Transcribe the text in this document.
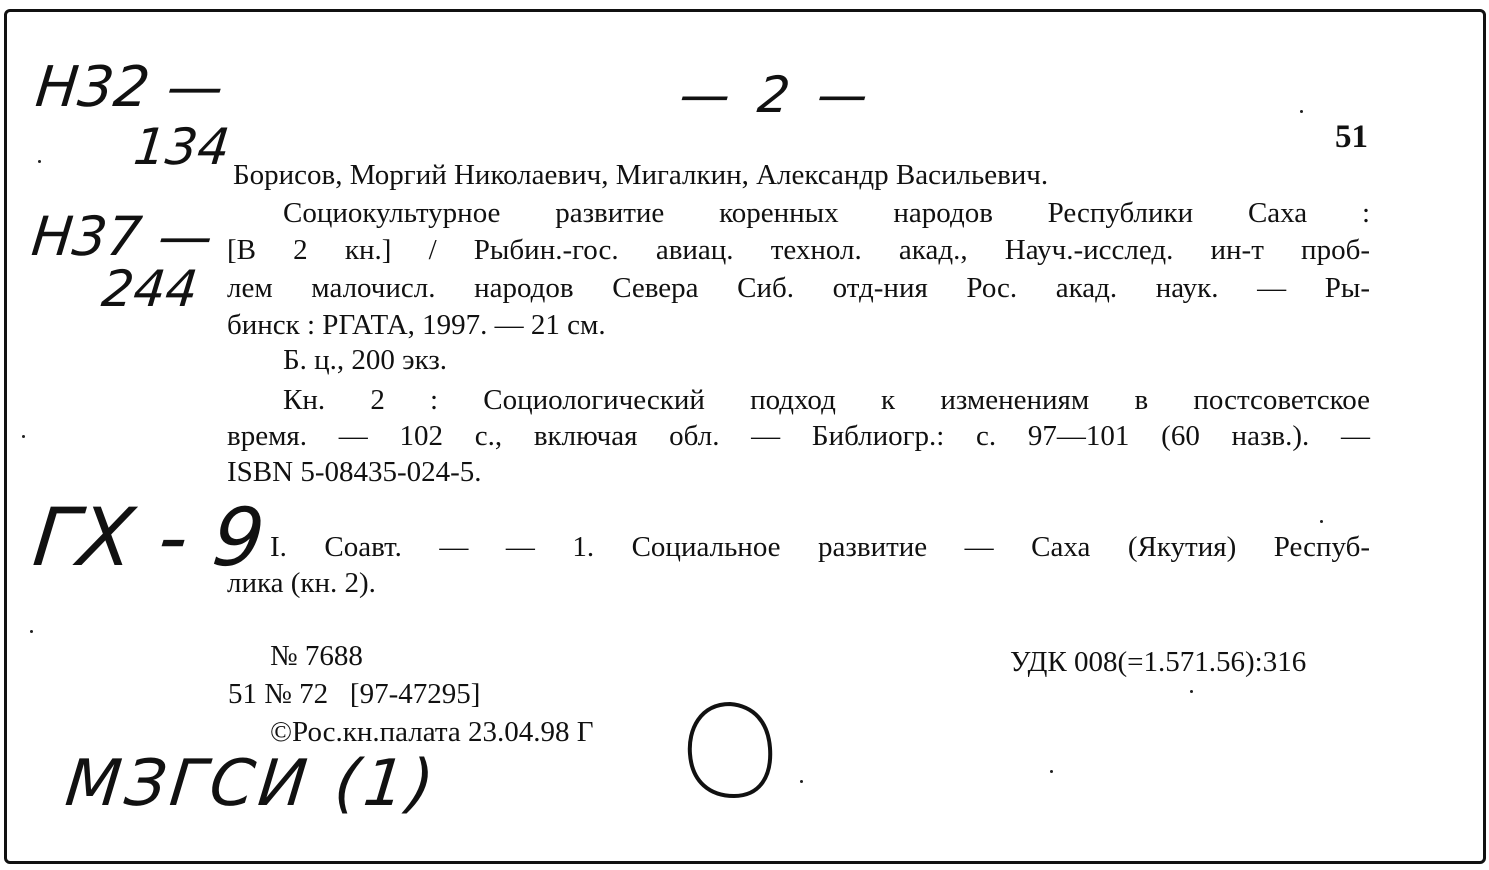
Н32 —
134
Н37 —
244
ГХ - 9
МЗГСИ (1)
— 2 —
51
Борисов, Моргий Николаевич, Мигалкин, Александр Васильевич.
Социокультурное развитие коренных народов Республики Саха :
[В 2 кн.] / Рыбин.-гос. авиац. технол. акад., Науч.-исслед. ин-т проб-
лем малочисл. народов Севера Сиб. отд-ния Рос. акад. наук. — Ры-
бинск : РГАТА, 1997. — 21 см.
Б. ц., 200 экз.
Кн. 2 : Социологический подход к изменениям в постсоветское
время. — 102 с., включая обл. — Библиогр.: с. 97—101 (60 назв.). —
ISBN 5-08435-024-5.
I. Соавт. — — 1. Социальное развитие — Саха (Якутия) Респуб-
лика (кн. 2).
№ 7688	УДК 008(=1.571.56):316
51 № 72   [97-47295]
©Рос.кн.палата 23.04.98 Г
